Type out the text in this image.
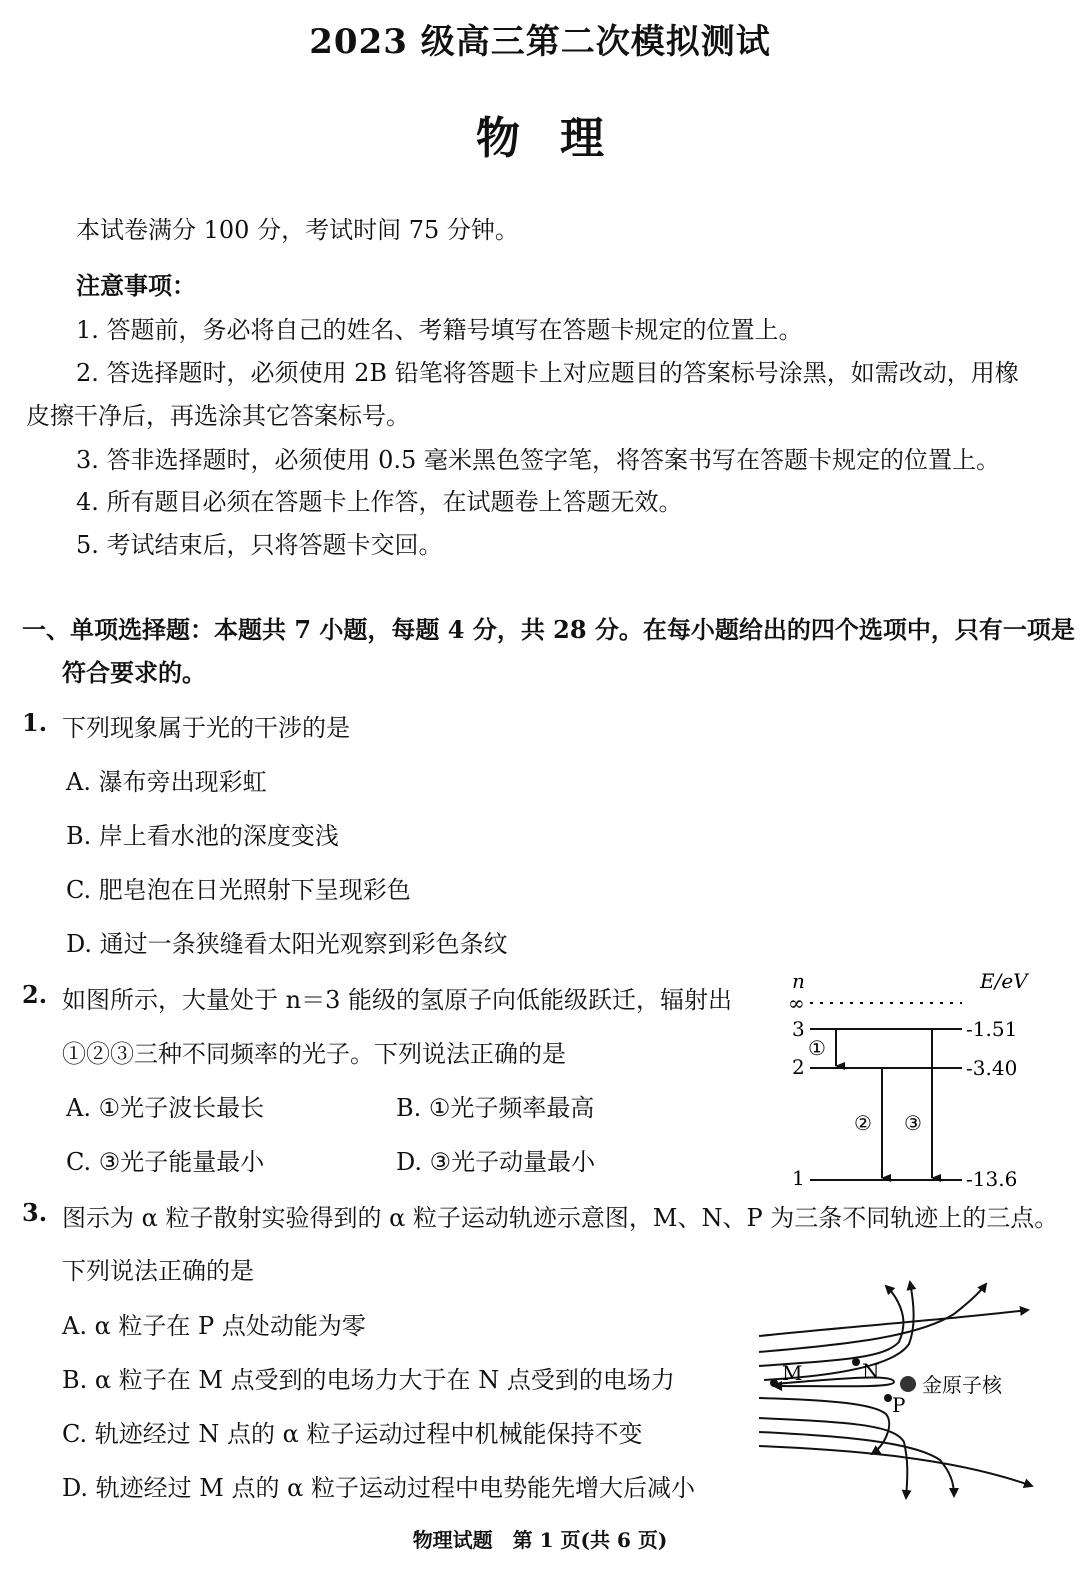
2023 级高三第二次模拟测试
物理
本试卷满分 100 分，考试时间 75 分钟。
注意事项：
1. 答题前，务必将自己的姓名、考籍号填写在答题卡规定的位置上。
2. 答选择题时，必须使用 2B 铅笔将答题卡上对应题目的答案标号涂黑，如需改动，用橡
皮擦干净后，再选涂其它答案标号。
3. 答非选择题时，必须使用 0.5 毫米黑色签字笔，将答案书写在答题卡规定的位置上。
4. 所有题目必须在答题卡上作答，在试题卷上答题无效。
5. 考试结束后，只将答题卡交回。
一、单项选择题：本题共 7 小题，每题 4 分，共 28 分。在每小题给出的四个选项中，只有一项是
符合要求的。
1. 下列现象属于光的干涉的是
A. 瀑布旁出现彩虹
B. 岸上看水池的深度变浅
C. 肥皂泡在日光照射下呈现彩色
D. 通过一条狭缝看太阳光观察到彩色条纹
2. 如图所示，大量处于 n＝3 能级的氢原子向低能级跃迁，辐射出
①②③三种不同频率的光子。下列说法正确的是
A. ①光子波长最长	B. ①光子频率最高
C. ③光子能量最小	D. ③光子动量最小
n	E/eV
∞
3	-1.51
2	-3.40
1	-13.6
①
② ③
3. 图示为 α 粒子散射实验得到的 α 粒子运动轨迹示意图，M、N、P 为三条不同轨迹上的三点。
下列说法正确的是
A. α 粒子在 P 点处动能为零
B. α 粒子在 M 点受到的电场力大于在 N 点受到的电场力
C. 轨迹经过 N 点的 α 粒子运动过程中机械能保持不变
D. 轨迹经过 M 点的 α 粒子运动过程中电势能先增大后减小
M	N
P
金原子核
物理试题　第 1 页(共 6 页)
